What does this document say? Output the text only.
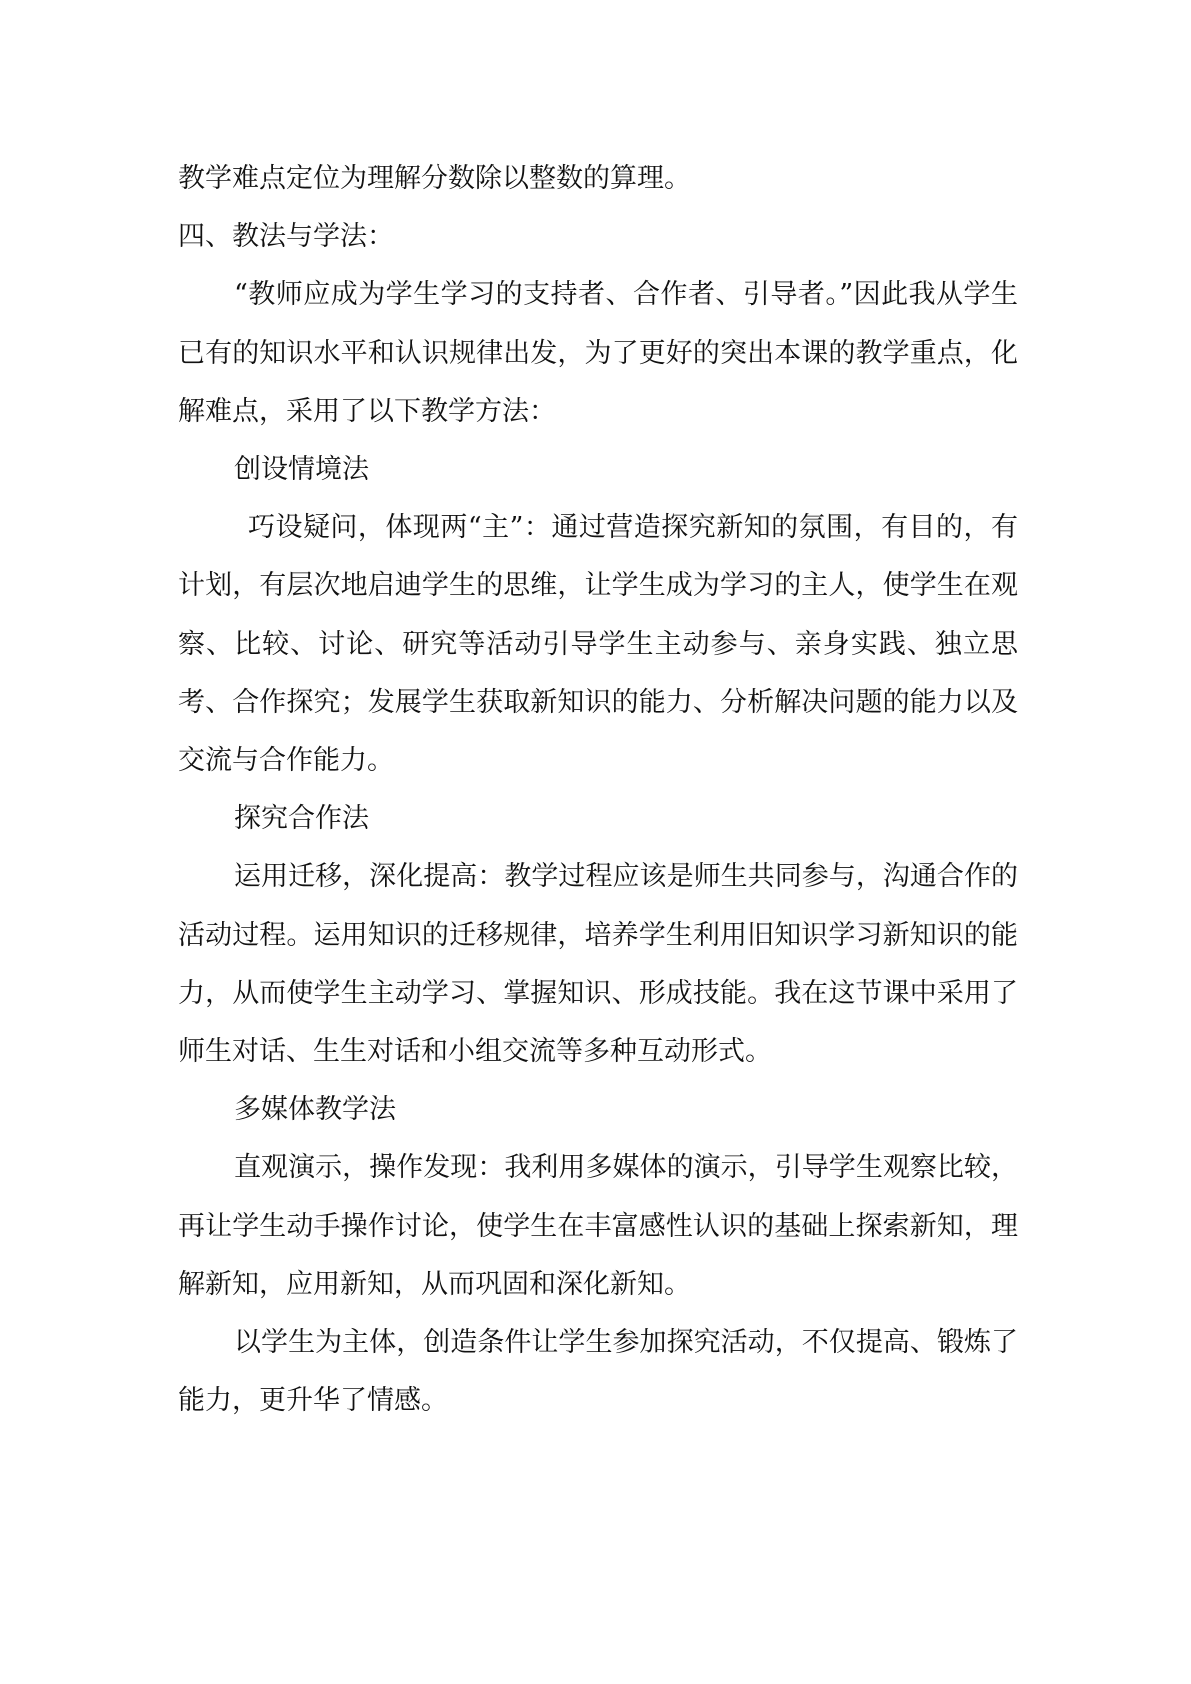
教学难点定位为理解分数除以整数的算理。

四、教法与学法：

“教师应成为学生学习的支持者、合作者、引导者。”因此我从学生已有的知识水平和认识规律出发，为了更好的突出本课的教学重点，化解难点，采用了以下教学方法：

创设情境法

巧设疑问，体现两“主”：通过营造探究新知的氛围，有目的，有计划，有层次地启迪学生的思维，让学生成为学习的主人，使学生在观察、比较、讨论、研究等活动引导学生主动参与、亲身实践、独立思考、合作探究；发展学生获取新知识的能力、分析解决问题的能力以及交流与合作能力。

探究合作法

运用迁移，深化提高：教学过程应该是师生共同参与，沟通合作的活动过程。运用知识的迁移规律，培养学生利用旧知识学习新知识的能力，从而使学生主动学习、掌握知识、形成技能。我在这节课中采用了师生对话、生生对话和小组交流等多种互动形式。

多媒体教学法

直观演示，操作发现：我利用多媒体的演示，引导学生观察比较，再让学生动手操作讨论，使学生在丰富感性认识的基础上探索新知，理解新知，应用新知，从而巩固和深化新知。

以学生为主体，创造条件让学生参加探究活动，不仅提高、锻炼了能力，更升华了情感。
